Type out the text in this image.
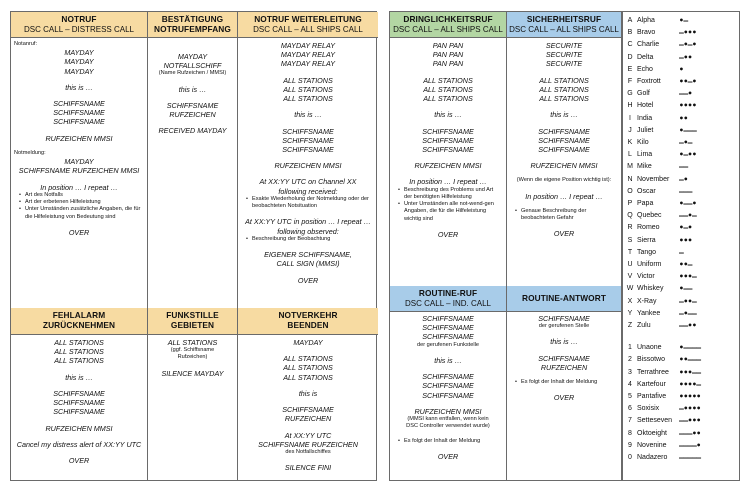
NOTRUF
DSC CALL – DISTRESS CALL
Notanruf:
MAYDAY
MAYDAY
MAYDAY
this is …
SCHIFFSNAME
SCHIFFSNAME
SCHIFFSNAME
RUFZEICHEN MMSI
Notmeldung:
MAYDAY
SCHIFFSNAME RUFZEICHEN MMSI
In position … I repeat …
• Art des Notfalls
• Art der erbetenen Hilfeleistung
• Unter Umständen zusätzliche Angaben, die für die Hilfeleistung von Bedeutung sind
OVER
FEHLALARM
ZURÜCKNEHMEN
ALL STATIONS
ALL STATIONS
ALL STATIONS
this is …
SCHIFFSNAME
SCHIFFSNAME
SCHIFFSNAME
RUFZEICHEN MMSI
Cancel my distress alert of XX:YY UTC
OVER
BESTÄTIGUNG
NOTRUFEMPFANG
MAYDAY
NOTFALLSCHIFF
(Name Rufzeichen / MMSI)
this is …
SCHIFFSNAME
RUFZEICHEN
RECEIVED MAYDAY
FUNKSTILLE
GEBIETEN
ALL STATIONS
(ggf. Schiffsname
Rufzeichen)
SILENCE MAYDAY
NOTRUF WEITERLEITUNG
DSC CALL – ALL SHIPS CALL
MAYDAY RELAY
MAYDAY RELAY
MAYDAY RELAY
ALL STATIONS
ALL STATIONS
ALL STATIONS
this is …
SCHIFFSNAME
SCHIFFSNAME
SCHIFFSNAME
RUFZEICHEN MMSI
At XX:YY UTC on Channel XX
following received:
• Exakte Wiederholung der Notmeldung oder der beobachteten Notsituation
At XX:YY UTC in position … I repeat …
following observed:
• Beschreibung der Beobachtung
EIGENER SCHIFFSNAME,
CALL SIGN (MMSI)
OVER
NOTVERKEHR
BEENDEN
MAYDAY
ALL STATIONS
ALL STATIONS
ALL STATIONS
this is
SCHIFFSNAME
RUFZEICHEN
At XX:YY UTC
SCHIFFSNAME RUFZEICHEN
des Notfallschiffes
SILENCE FINI
DRINGLICHKEITSRUF
DSC CALL – ALL SHIPS CALL
PAN PAN
PAN PAN
PAN PAN
ALL STATIONS
ALL STATIONS
ALL STATIONS
this is …
SCHIFFSNAME
SCHIFFSNAME
SCHIFFSNAME
RUFZEICHEN MMSI
In position … I repeat …
• Beschreibung des Problems und Art der benötigten Hilfeleistung
• Unter Umständen alle not-wend-gen Angaben, die für die Hilfeleistung wichtig sind
OVER
ROUTINE-RUF
DSC CALL – IND. CALL
SCHIFFSNAME
SCHIFFSNAME
SCHIFFSNAME
der gerufenen Funkstelle
this is …
SCHIFFSNAME
SCHIFFSNAME
SCHIFFSNAME
RUFZEICHEN MMSI
(MMSI kann entfallen, wenn kein
DSC Controller verwendet wurde)
• Es folgt der Inhalt der Meldung
OVER
SICHERHEITSRUF
DSC CALL – ALL SHIPS CALL
SECURITE
SECURITE
SECURITE
ALL STATIONS
ALL STATIONS
ALL STATIONS
this is …
SCHIFFSNAME
SCHIFFSNAME
SCHIFFSNAME
RUFZEICHEN MMSI
(Wenn die eigene Position wichtig ist):
In position … I repeat …
• Genaue Beschreibung der beobachteten Gefahr
OVER
ROUTINE-ANTWORT
SCHIFFSNAME
der gerufenen Stelle
this is …
SCHIFFSNAME
RUFZEICHEN
• Es folgt der Inhalt der Meldung
OVER
A Alpha	•–
B Bravo	–•••
C Charlie –•–•
D Delta	–••
E Echo	•
F Foxtrott ••–•
G Golf	––•
H Hotel	••••
I India	••
J Juliet	•–––
K Kilo	–•–
L Lima	•–••
M Mike	––
N November –•
O Oscar	–––
P Papa	•––•
Q Quebec ––•–
R Romeo •–•
S Sierra	•••
T Tango	–
U Uniform ••–
V Victor	•••–
W Whiskey •––
X X-Ray	–••–
Y Yankee –•––
Z Zulu	––••
1 Unaone •––––
2 Bissotwo ••–––
3 Terrathree •••––
4 Kartefour ••••–
5 Pantafive •••••
6 Soxisix –••••
7 Setteseven ––•••
8 Oktoeight –––••
9 Novenine ––––•
0 Nadazero –––––
